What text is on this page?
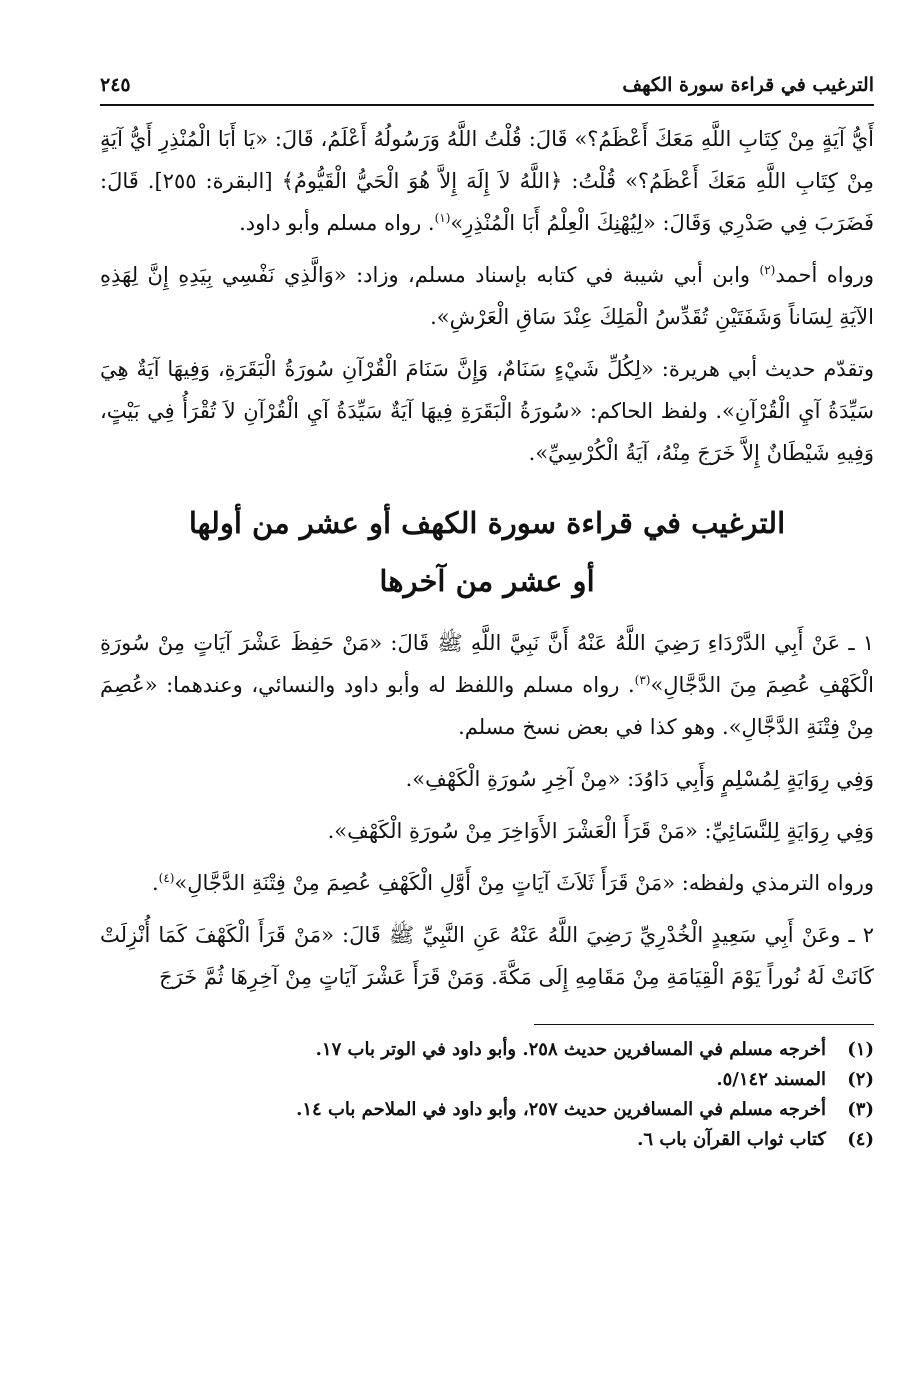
الترغيب في قراءة سورة الكهف
٢٤٥

أَيُّ آيَةٍ مِنْ كِتَابِ اللَّهِ مَعَكَ أَعْظَمُ؟» قَالَ: قُلْتُ اللَّهُ وَرَسُولُهُ أَعْلَمُ، قَالَ: «يَا أَبَا الْمُنْذِرِ أَيُّ آيَةٍ مِنْ كِتَابِ اللَّهِ مَعَكَ أَعْظَمُ؟» قُلْتُ: ﴿اللَّهُ لاَ إِلَهَ إِلاَّ هُوَ الْحَيُّ الْقَيُّومُ﴾ [البقرة: ٢٥٥]. قَالَ: فَضَرَبَ فِي صَدْرِي وَقَالَ: «لِيُهْنِكَ الْعِلْمُ أَبَا الْمُنْذِرِ»$^{(١)}$. رواه مسلم وأبو داود.

ورواه أحمد$^{(٢)}$ وابن أبي شيبة في كتابه بإسناد مسلم، وزاد: «وَالَّذِي نَفْسِي بِيَدِهِ إِنَّ لِهَذِهِ الآيَةِ لِسَاناً وَشَفَتَيْنِ تُقَدِّسُ الْمَلِكَ عِنْدَ سَاقِ الْعَرْشِ».

وتقدّم حديث أبي هريرة: «لِكُلِّ شَيْءٍ سَنَامٌ، وَإِنَّ سَنَامَ الْقُرْآنِ سُورَةُ الْبَقَرَةِ، وَفِيهَا آيَةٌ هِيَ سَيِّدَةُ آيِ الْقُرْآنِ». ولفظ الحاكم: «سُورَةُ الْبَقَرَةِ فِيهَا آيَةٌ سَيِّدَةُ آيِ الْقُرْآنِ لاَ تُقْرَأُ فِي بَيْتٍ، وَفِيهِ شَيْطَانٌ إِلاَّ خَرَجَ مِنْهُ، آيَةُ الْكُرْسِيِّ».

الترغيب في قراءة سورة الكهف أو عشر من أولها
أو عشر من آخرها

١ ـ عَنْ أَبِي الدَّرْدَاءِ رَضِيَ اللَّهُ عَنْهُ أَنَّ نَبِيَّ اللَّهِ ﷺ قَالَ: «مَنْ حَفِظَ عَشْرَ آيَاتٍ مِنْ سُورَةِ الْكَهْفِ عُصِمَ مِنَ الدَّجَّالِ»$^{(٣)}$. رواه مسلم واللفظ له وأبو داود والنسائي، وعندهما: «عُصِمَ مِنْ فِتْنَةِ الدَّجَّالِ». وهو كذا في بعض نسخ مسلم.

وَفِي رِوَايَةٍ لِمُسْلِمٍ وَأَبِي دَاوُدَ: «مِنْ آخِرِ سُورَةِ الْكَهْفِ».

وَفِي رِوَايَةٍ لِلنَّسَائِيِّ: «مَنْ قَرَأَ الْعَشْرَ الأَوَاخِرَ مِنْ سُورَةِ الْكَهْفِ».

ورواه الترمذي ولفظه: «مَنْ قَرَأَ ثَلاَثَ آيَاتٍ مِنْ أَوَّلِ الْكَهْفِ عُصِمَ مِنْ فِتْنَةِ الدَّجَّالِ»$^{(٤)}$.

٢ ـ وعَنْ أَبِي سَعِيدٍ الْخُدْرِيِّ رَضِيَ اللَّهُ عَنْهُ عَنِ النَّبِيِّ ﷺ قَالَ: «مَنْ قَرَأَ الْكَهْفَ كَمَا أُنْزِلَتْ كَانَتْ لَهُ نُوراً يَوْمَ الْقِيَامَةِ مِنْ مَقَامِهِ إِلَى مَكَّةَ. وَمَنْ قَرَأَ عَشْرَ آيَاتٍ مِنْ آخِرِهَا ثُمَّ خَرَجَ

(١)
أخرجه مسلم في المسافرين حديث ٢٥٨. وأبو داود في الوتر باب ١٧.
(٢)
المسند ٥/١٤٢.
(٣)
أخرجه مسلم في المسافرين حديث ٢٥٧، وأبو داود في الملاحم باب ١٤.
(٤)
كتاب ثواب القرآن باب ٦.
